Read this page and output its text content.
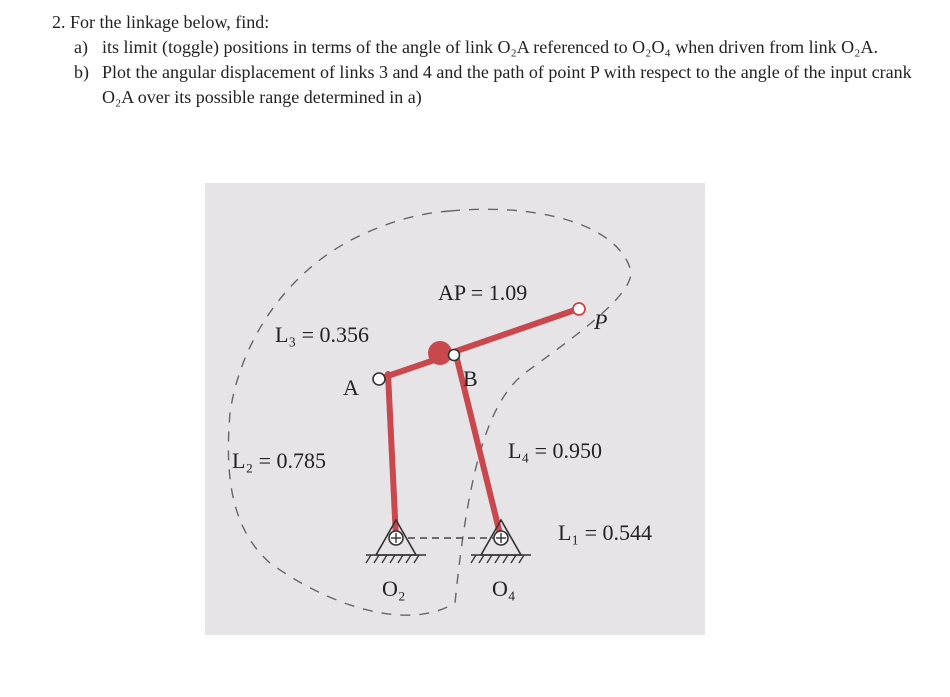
2. For the linkage below, find:

a) its limit (toggle) positions in terms of the angle of link O₂A referenced to O₂O₄ when driven from link O₂A.
b) Plot the angular displacement of links 3 and 4 and the path of point P with respect to the angle of the input crank O₂A over its possible range determined in a)
AP = 1.09
P
L₃ = 0.356
B
A
L₂ = 0.785	L₄ = 0.950
L₁ = 0.544
O₂	O₄
